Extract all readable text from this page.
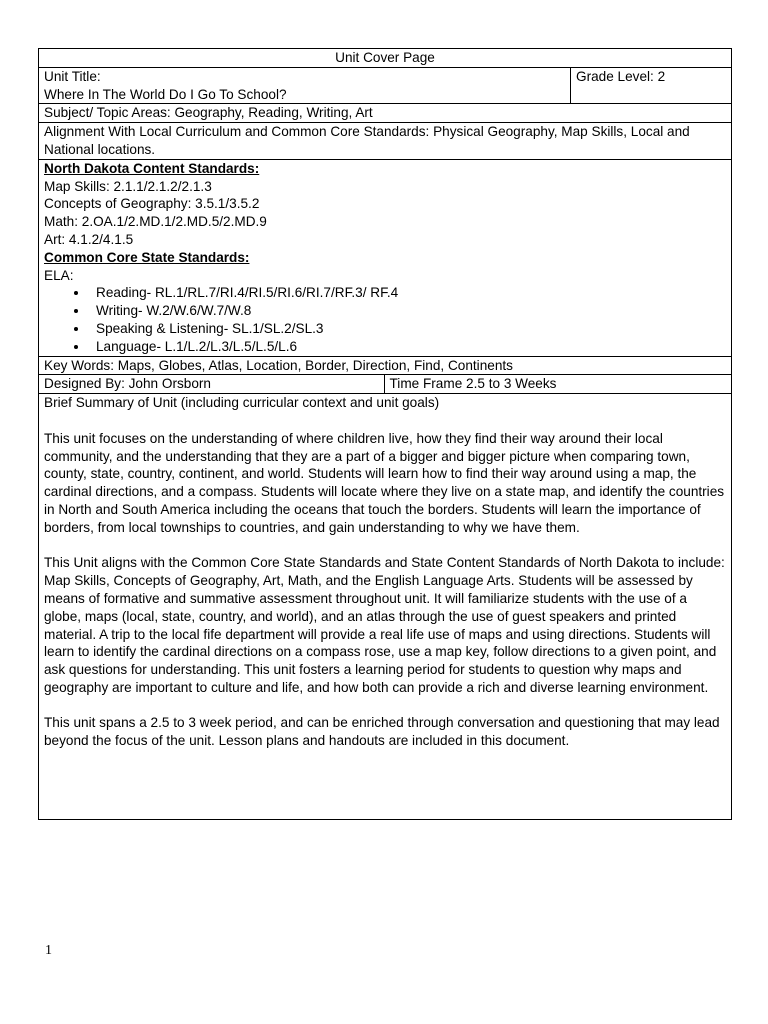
Unit Cover Page

Unit Title:
Where In The World Do I Go To School?
	Grade Level: 2
Subject/ Topic Areas: Geography, Reading, Writing, Art
Alignment With Local Curriculum and Common Core Standards: Physical Geography, Map Skills, Local and National locations.

North Dakota Content Standards:
Map Skills: 2.1.1/2.1.2/2.1.3
Concepts of Geography: 3.5.1/3.5.2
Math: 2.OA.1/2.MD.1/2.MD.5/2.MD.9
Art: 4.1.2/4.1.5
Common Core State Standards:
ELA:
• Reading- RL.1/RL.7/RI.4/RI.5/RI.6/RI.7/RF.3/ RF.4
• Writing- W.2/W.6/W.7/W.8
• Speaking & Listening- SL.1/SL.2/SL.3
• Language- L.1/L.2/L.3/L.5/L.5/L.6

Key Words: Maps, Globes, Atlas, Location, Border, Direction, Find, Continents

Designed By: John Orsborn	Time Frame 2.5 to 3 Weeks

Brief Summary of Unit (including curricular context and unit goals)

This unit focuses on the understanding of where children live, how they find their way around their local community, and the understanding that they are a part of a bigger and bigger picture when comparing town, county, state, country, continent, and world. Students will learn how to find their way around using a map, the cardinal directions, and a compass. Students will locate where they live on a state map, and identify the countries in North and South America including the oceans that touch the borders. Students will learn the importance of borders, from local townships to countries, and gain understanding to why we have them.

This Unit aligns with the Common Core State Standards and State Content Standards of North Dakota to include: Map Skills, Concepts of Geography, Art, Math, and the English Language Arts. Students will be assessed by means of formative and summative assessment throughout unit. It will familiarize students with the use of a globe, maps (local, state, country, and world), and an atlas through the use of guest speakers and printed material. A trip to the local fife department will provide a real life use of maps and using directions. Students will learn to identify the cardinal directions on a compass rose, use a map key, follow directions to a given point, and ask questions for understanding. This unit fosters a learning period for students to question why maps and geography are important to culture and life, and how both can provide a rich and diverse learning environment.

This unit spans a 2.5 to 3 week period, and can be enriched through conversation and questioning that may lead beyond the focus of the unit. Lesson plans and handouts are included in this document.

1
